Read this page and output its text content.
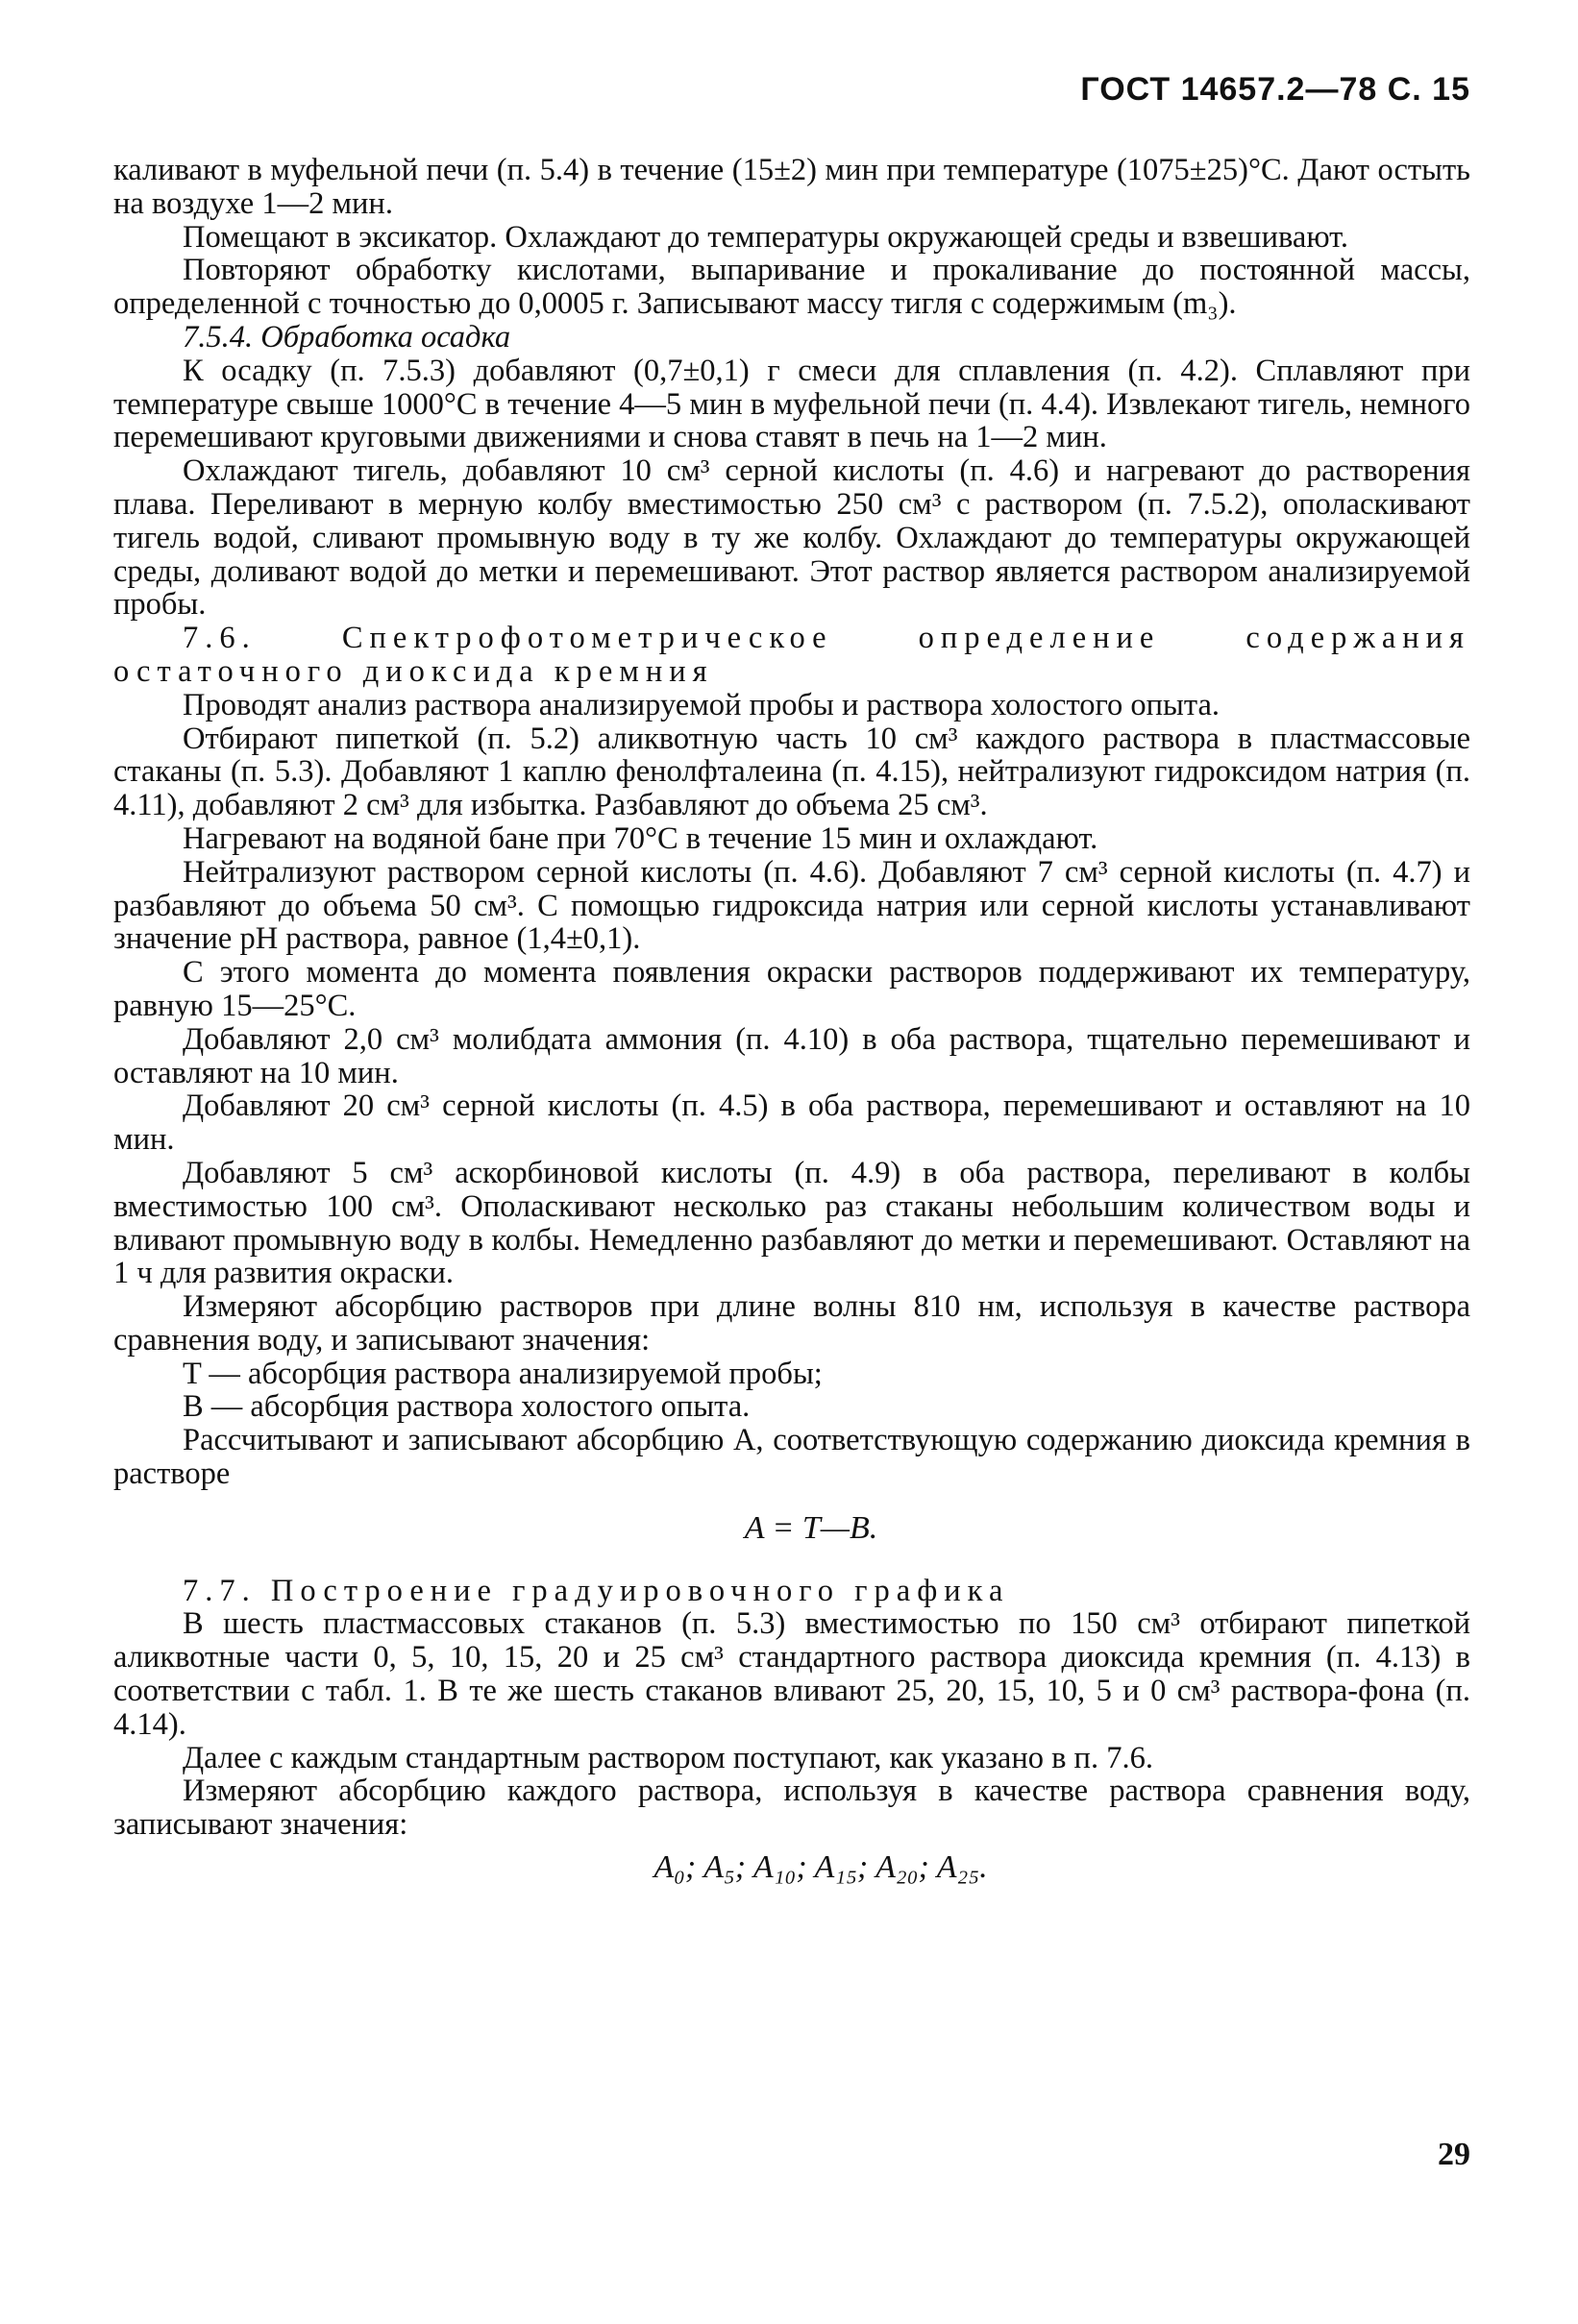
ГОСТ 14657.2—78 С. 15

каливают в муфельной печи (п. 5.4) в течение (15±2) мин при температуре (1075±25)°С. Дают остыть на воздухе 1—2 мин.

Помещают в эксикатор. Охлаждают до температуры окружающей среды и взвешивают.

Повторяют обработку кислотами, выпаривание и прокаливание до постоянной массы, определенной с точностью до 0,0005 г. Записывают массу тигля с содержимым (m₃).

7.5.4. Обработка осадка

К осадку (п. 7.5.3) добавляют (0,7±0,1) г смеси для сплавления (п. 4.2). Сплавляют при температуре свыше 1000°С в течение 4—5 мин в муфельной печи (п. 4.4). Извлекают тигель, немного перемешивают круговыми движениями и снова ставят в печь на 1—2 мин.

Охлаждают тигель, добавляют 10 см³ серной кислоты (п. 4.6) и нагревают до растворения плава. Переливают в мерную колбу вместимостью 250 см³ с раствором (п. 7.5.2), ополаскивают тигель водой, сливают промывную воду в ту же колбу. Охлаждают до температуры окружающей среды, доливают водой до метки и перемешивают. Этот раствор является раствором анализируемой пробы.

7.6. Спектрофотометрическое определение содержания остаточного диоксида кремния

Проводят анализ раствора анализируемой пробы и раствора холостого опыта.

Отбирают пипеткой (п. 5.2) аликвотную часть 10 см³ каждого раствора в пластмассовые стаканы (п. 5.3). Добавляют 1 каплю фенолфталеина (п. 4.15), нейтрализуют гидроксидом натрия (п. 4.11), добавляют 2 см³ для избытка. Разбавляют до объема 25 см³.

Нагревают на водяной бане при 70°С в течение 15 мин и охлаждают.

Нейтрализуют раствором серной кислоты (п. 4.6). Добавляют 7 см³ серной кислоты (п. 4.7) и разбавляют до объема 50 см³. С помощью гидроксида натрия или серной кислоты устанавливают значение pH раствора, равное (1,4±0,1).

С этого момента до момента появления окраски растворов поддерживают их температуру, равную 15—25°С.

Добавляют 2,0 см³ молибдата аммония (п. 4.10) в оба раствора, тщательно перемешивают и оставляют на 10 мин.

Добавляют 20 см³ серной кислоты (п. 4.5) в оба раствора, перемешивают и оставляют на 10 мин.

Добавляют 5 см³ аскорбиновой кислоты (п. 4.9) в оба раствора, переливают в колбы вместимостью 100 см³. Ополаскивают несколько раз стаканы небольшим количеством воды и вливают промывную воду в колбы. Немедленно разбавляют до метки и перемешивают. Оставляют на 1 ч для развития окраски.

Измеряют абсорбцию растворов при длине волны 810 нм, используя в качестве раствора сравнения воду, и записывают значения:

T — абсорбция раствора анализируемой пробы;

B — абсорбция раствора холостого опыта.

Рассчитывают и записывают абсорбцию А, соответствующую содержанию диоксида кремния в растворе

A = T—B.

7.7. Построение градуировочного графика

В шесть пластмассовых стаканов (п. 5.3) вместимостью по 150 см³ отбирают пипеткой аликвотные части 0, 5, 10, 15, 20 и 25 см³ стандартного раствора диоксида кремния (п. 4.13) в соответствии с табл. 1. В те же шесть стаканов вливают 25, 20, 15, 10, 5 и 0 см³ раствора-фона (п. 4.14).

Далее с каждым стандартным раствором поступают, как указано в п. 7.6.

Измеряют абсорбцию каждого раствора, используя в качестве раствора сравнения воду, записывают значения:

A₀; A₅; A₁₀; A₁₅; A₂₀; A₂₅.

29
